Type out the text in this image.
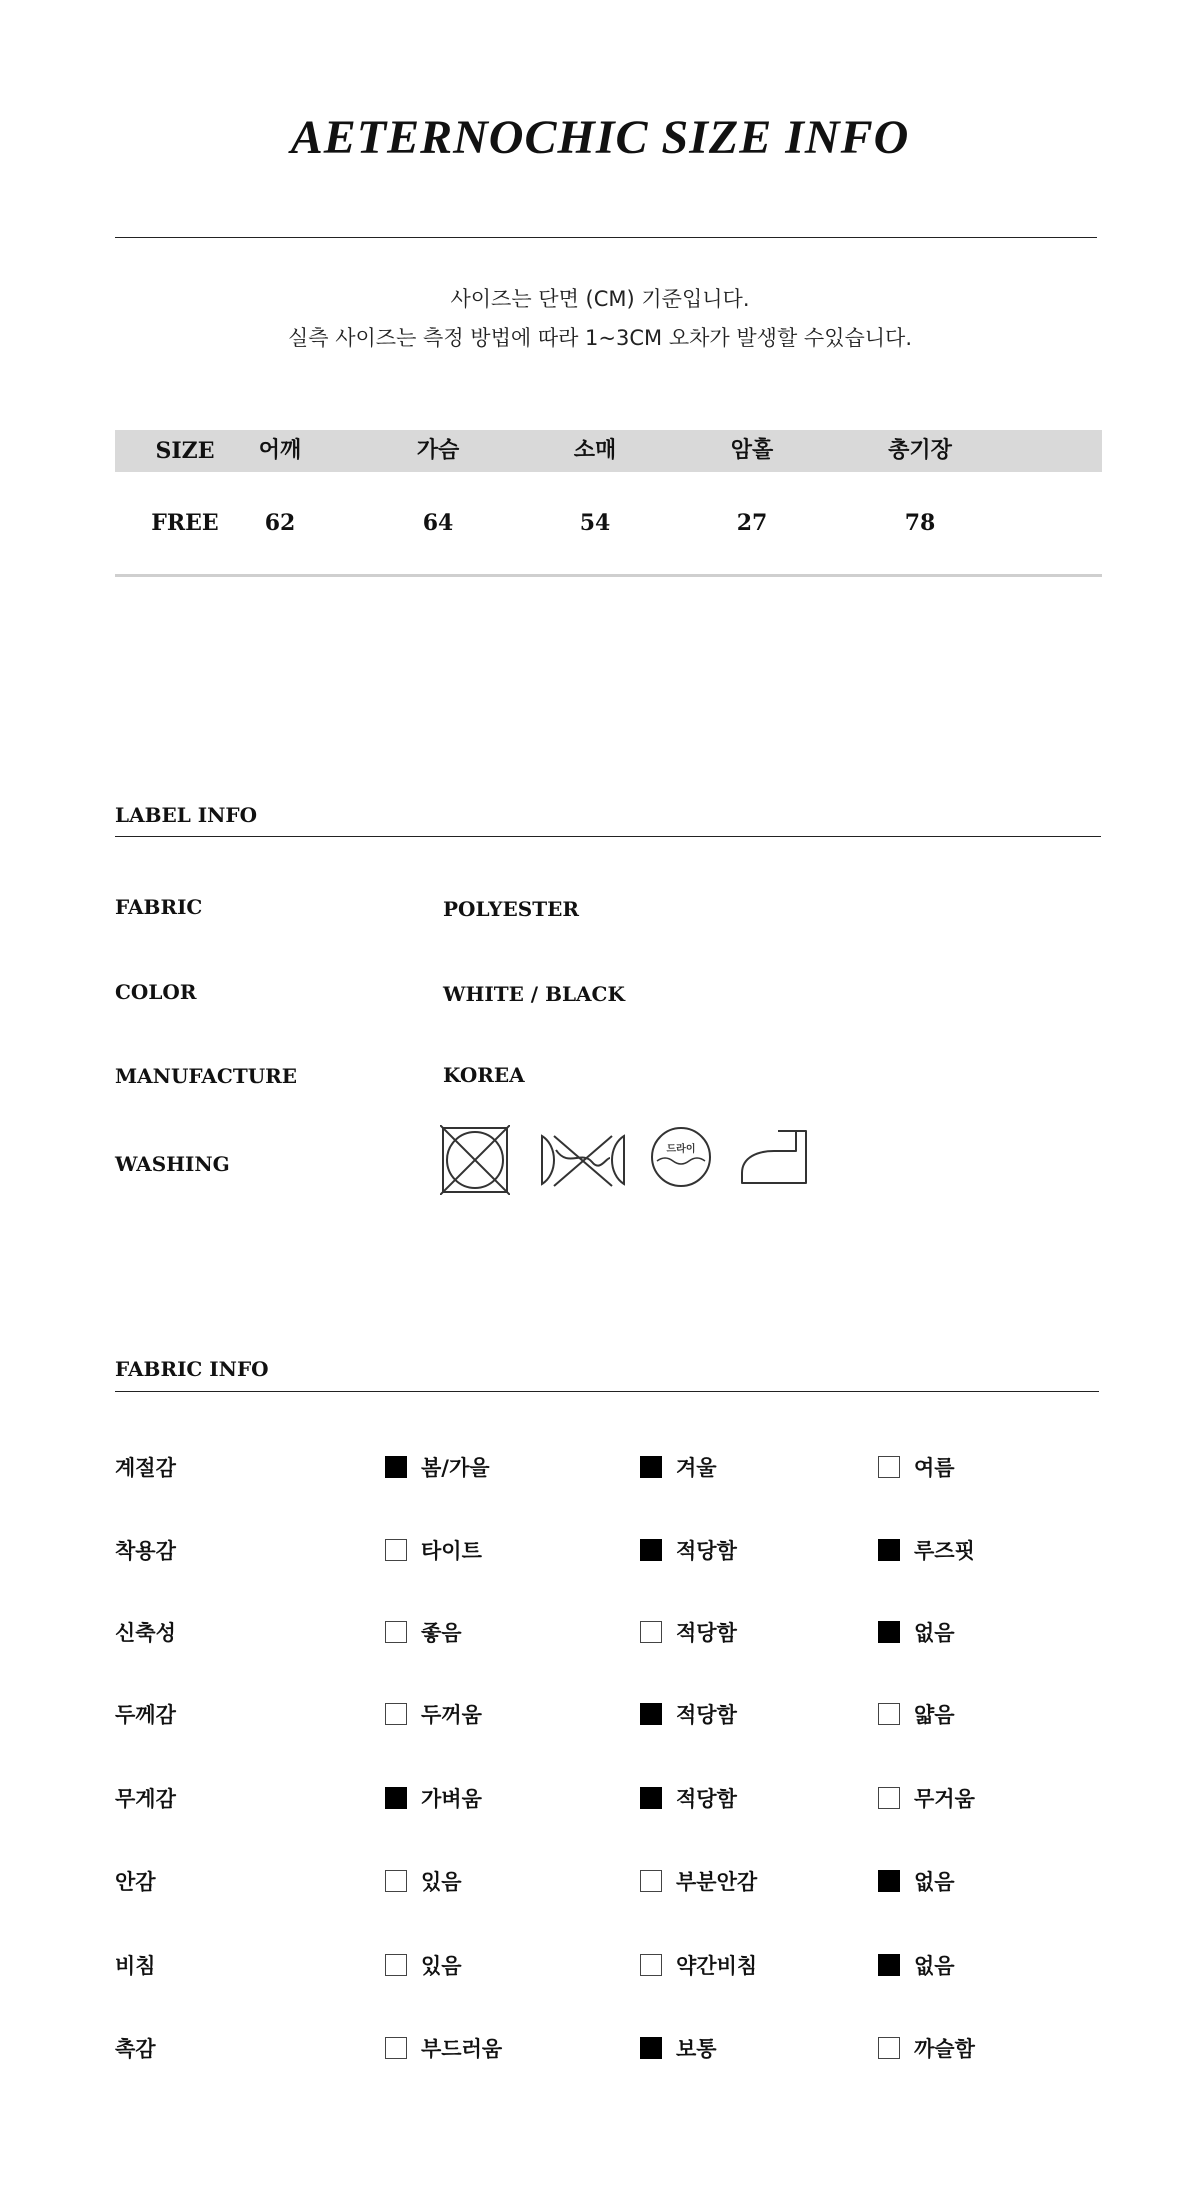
AETERNOCHIC SIZE INFO
사이즈는 단면 (CM) 기준입니다.
실측 사이즈는 측정 방법에 따라 1~3CM 오차가 발생할 수있습니다.
SIZE	어깨	가슴	소매	암홀	총기장
FREE	62	64	54	27	78
LABEL INFO
FABRIC	POLYESTER
COLOR	WHITE / BLACK
MANUFACTURE	KOREA
WASHING
드라이
FABRIC INFO
계절감	봄/가을	겨울	여름
착용감	타이트	적당함	루즈핏
신축성	좋음	적당함	없음
두께감	두꺼움	적당함	얇음
무게감	가벼움	적당함	무거움
안감	있음	부분안감	없음
비침	있음	약간비침	없음
촉감	부드러움	보통	까슬함
